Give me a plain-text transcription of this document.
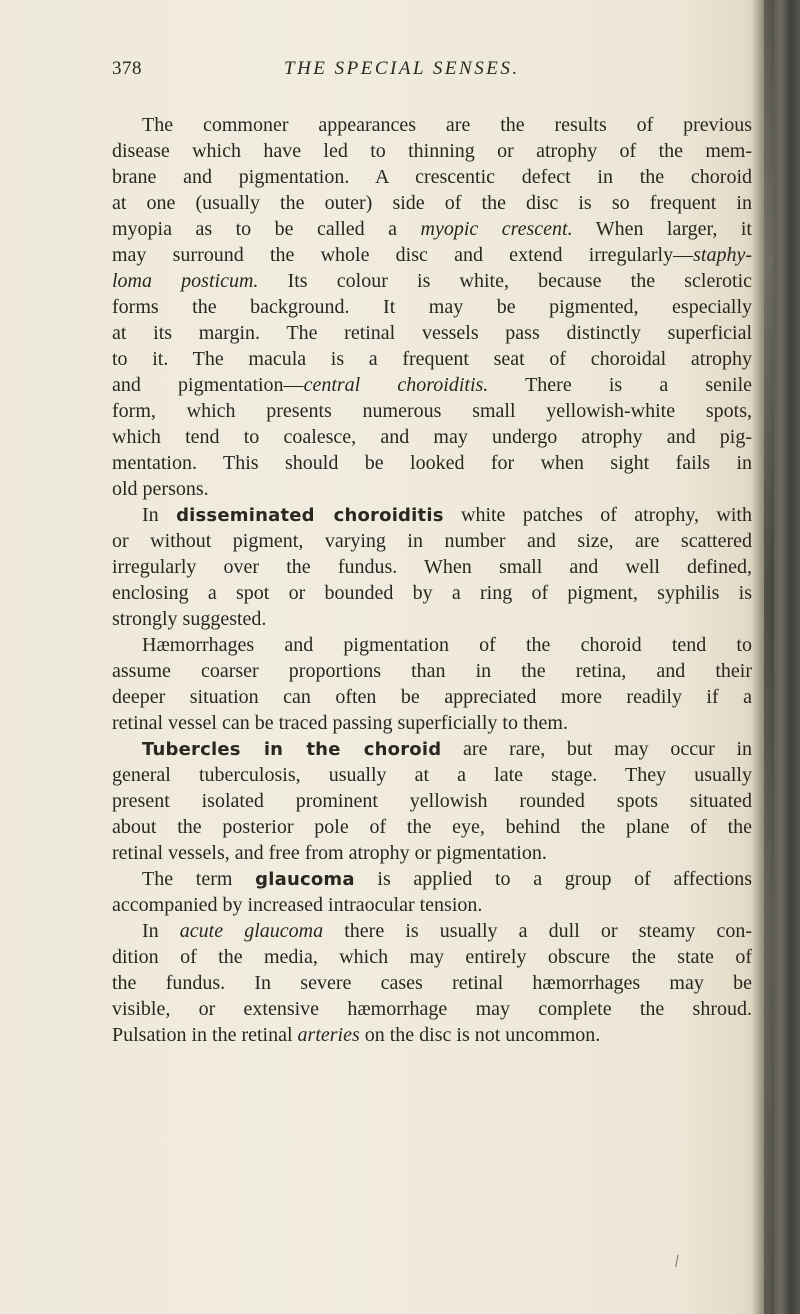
378	THE SPECIAL SENSES.
The commoner appearances are the results of previous
disease which have led to thinning or atrophy of the mem-
brane and pigmentation. A crescentic defect in the choroid
at one (usually the outer) side of the disc is so frequent in
myopia as to be called a myopic crescent. When larger, it
may surround the whole disc and extend irregularly—staphy-
loma posticum. Its colour is white, because the sclerotic
forms the background. It may be pigmented, especially
at its margin. The retinal vessels pass distinctly superficial
to it. The macula is a frequent seat of choroidal atrophy
and pigmentation—central choroiditis. There is a senile
form, which presents numerous small yellowish-white spots,
which tend to coalesce, and may undergo atrophy and pig-
mentation. This should be looked for when sight fails in
old persons.
In disseminated choroiditis white patches of atrophy, with
or without pigment, varying in number and size, are scattered
irregularly over the fundus. When small and well defined,
enclosing a spot or bounded by a ring of pigment, syphilis is
strongly suggested.
Hæmorrhages and pigmentation of the choroid tend to
assume coarser proportions than in the retina, and their
deeper situation can often be appreciated more readily if a
retinal vessel can be traced passing superficially to them.
Tubercles in the choroid are rare, but may occur in
general tuberculosis, usually at a late stage. They usually
present isolated prominent yellowish rounded spots situated
about the posterior pole of the eye, behind the plane of the
retinal vessels, and free from atrophy or pigmentation.
The term glaucoma is applied to a group of affections
accompanied by increased intraocular tension.
In acute glaucoma there is usually a dull or steamy con-
dition of the media, which may entirely obscure the state of
the fundus. In severe cases retinal hæmorrhages may be
visible, or extensive hæmorrhage may complete the shroud.
Pulsation in the retinal arteries on the disc is not uncommon.
⁄
